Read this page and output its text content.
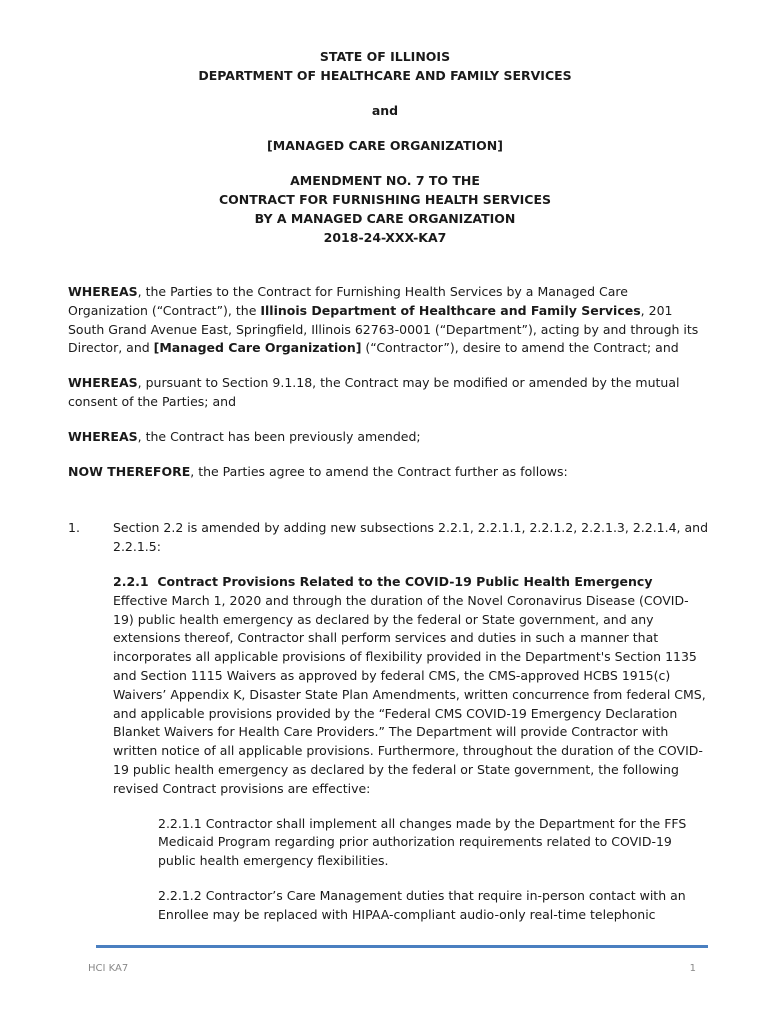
STATE OF ILLINOIS
DEPARTMENT OF HEALTHCARE AND FAMILY SERVICES
and
[MANAGED CARE ORGANIZATION]
AMENDMENT NO. 7 TO THE
CONTRACT FOR FURNISHING HEALTH SERVICES
BY A MANAGED CARE ORGANIZATION
2018-24-XXX-KA7

WHEREAS, the Parties to the Contract for Furnishing Health Services by a Managed Care Organization (“Contract”), the Illinois Department of Healthcare and Family Services, 201 South Grand Avenue East, Springfield, Illinois 62763-0001 (“Department”), acting by and through its Director, and [Managed Care Organization] (“Contractor”), desire to amend the Contract; and

WHEREAS, pursuant to Section 9.1.18, the Contract may be modified or amended by the mutual consent of the Parties; and

WHEREAS, the Contract has been previously amended;

NOW THEREFORE, the Parties agree to amend the Contract further as follows:

1.	Section 2.2 is amended by adding new subsections 2.2.1, 2.2.1.1, 2.2.1.2, 2.2.1.3, 2.2.1.4, and 2.2.1.5:
2.2.1 Contract Provisions Related to the COVID-19 Public Health Emergency
Effective March 1, 2020 and through the duration of the Novel Coronavirus Disease (COVID-19) public health emergency as declared by the federal or State government, and any extensions thereof, Contractor shall perform services and duties in such a manner that incorporates all applicable provisions of flexibility provided in the Department's Section 1135 and Section 1115 Waivers as approved by federal CMS, the CMS-approved HCBS 1915(c) Waivers’ Appendix K, Disaster State Plan Amendments, written concurrence from federal CMS, and applicable provisions provided by the “Federal CMS COVID-19 Emergency Declaration Blanket Waivers for Health Care Providers.” The Department will provide Contractor with written notice of all applicable provisions. Furthermore, throughout the duration of the COVID-19 public health emergency as declared by the federal or State government, the following revised Contract provisions are effective:
2.2.1.1 Contractor shall implement all changes made by the Department for the FFS Medicaid Program regarding prior authorization requirements related to COVID-19 public health emergency flexibilities.
2.2.1.2 Contractor’s Care Management duties that require in-person contact with an Enrollee may be replaced with HIPAA-compliant audio-only real-time telephonic
HCI KA7	1
